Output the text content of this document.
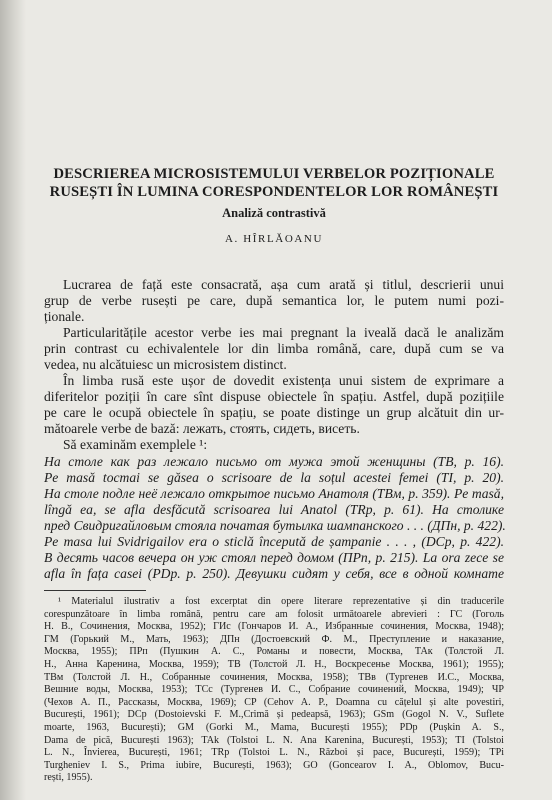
DESCRIEREA MICROSISTEMULUI VERBELOR POZIȚIONALE
RUSEȘTI ÎN LUMINA CORESPONDENTELOR LOR ROMÂNEȘTI
Analiză contrastivă
A. HÎRLĂOANU
Lucrarea de față este consacrată, așa cum arată și titlul, descrierii unui
grup de verbe rusești pe care, după semantica lor, le putem numi pozi-
ționale.
Particularitățile acestor verbe ies mai pregnant la iveală dacă le analizăm
prin contrast cu echivalentele lor din limba română, care, după cum se va
vedea, nu alcătuiesc un microsistem distinct.
În limba rusă este ușor de dovedit existența unui sistem de exprimare a
diferitelor poziții în care sînt dispuse obiectele în spațiu. Astfel, după pozițiile
pe care le ocupă obiectele în spațiu, se poate distinge un grup alcătuit din ur-
mătoarele verbe de bază: лежать, стоять, сидеть, висеть.
Să examinăm exemplele ¹:
¹ Materialul ilustrativ a fost excerptat din opere literare reprezentative și din traducerile
corespunzătoare în limba română, pentru care am folosit următoarele abrevieri : ГС (Гоголь
Н. В., Сочинения, Москва, 1952); ГИс (Гончаров И. А., Избранные сочинения, Москва, 1948);
ГМ (Горький М., Мать, 1963); ДПн (Достоевский Ф. М., Преступление и наказание,
Москва, 1955); ПРп (Пушкин А. С., Романы и повести, Москва, ТАк (Толстой Л.
Н., Анна Каренина, Москва, 1959); TB (Толстой Л. Н., Воскресенье Москва, 1961); 1955);
TBм (Толстой Л. Н., Собранные сочинения, Москва, 1958); TBв (Тургенев И.С., Москва,
Вешние воды, Москва, 1953); TCc (Тургенев И. С., Собрание сочинений, Москва, 1949); ЧР
(Чехов А. П., Рассказы, Москва, 1969); CP (Cehov A. P., Doamna cu cățelul și alte povestiri,
București, 1961); DCp (Dostoievski F. M.,Crimă și pedeapsă, 1963); GSm (Gogol N. V., Suflete
moarte, 1963, București); GM (Gorki M., Mama, București 1955); PDp (Pușkin A. S.,
Dama de pică, București 1963); TAk (Tolstoi L. N. Ana Karenina, București, 1953); TI (Tolstoi
L. N., Învierea, București, 1961; TRp (Tolstoi L. N., Război și pace, București, 1959); TPi
Turgheniev I. S., Prima iubire, București, 1963); GO (Goncearov I. A., Oblomov, Bucu-
rești, 1955).
На столе как раз лежало письмо от мужа этой женщины (TB, p. 16).
Pe masă tocmai se găsea o scrisoare de la soțul acestei femei (TI, p. 20).
На столе подле неё лежало открытое письмо Анатоля (TBм, p. 359). Pe masă,
lîngă ea, se afla desfăcută scrisoarea lui Anatol (TRp, p. 61). На столике
пред Свидригайловым стояла початая бутылка шампанского . . . (ДПн, p. 422).
Pe masa lui Svidrigailov era o sticlă începută de șampanie . . . , (DCp, p. 422).
В десять часов вечера он уж стоял перед домом (ПРп, p. 215). La ora zece se
afla în fața casei (PDp. p. 250). Девушки сидят у себя, все в одной комнате
